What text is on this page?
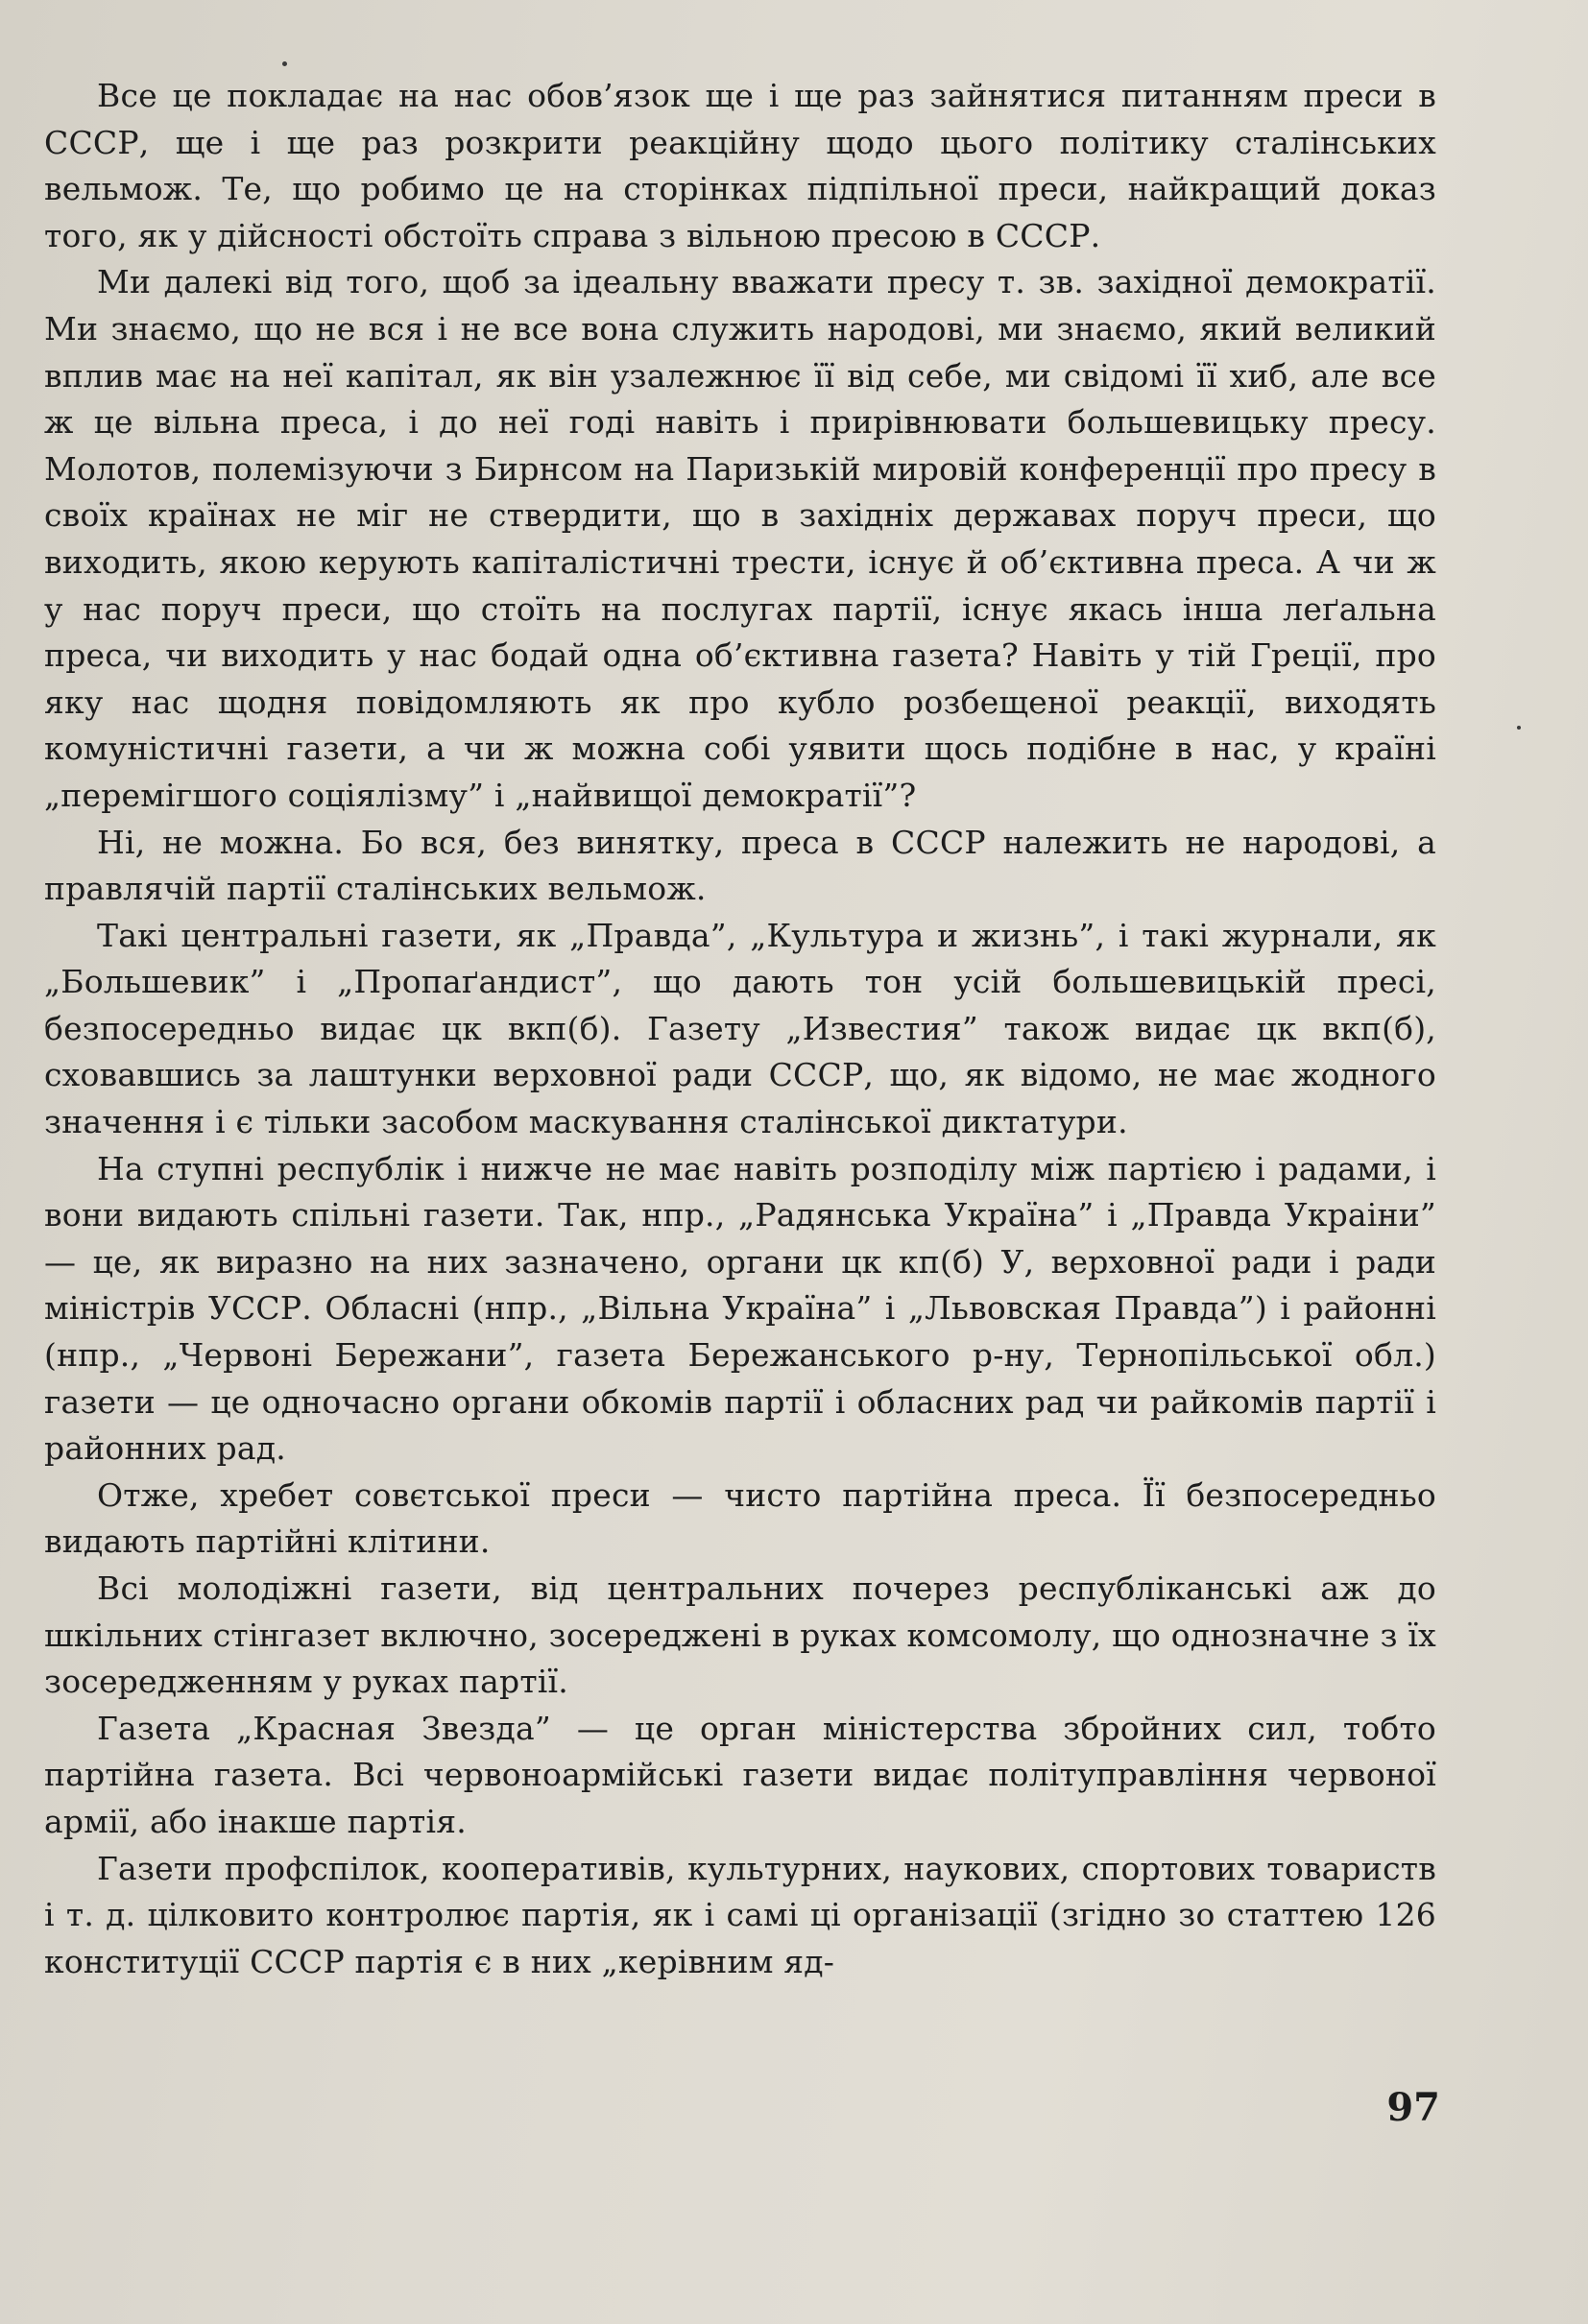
Все це покладає на нас обов’язок ще і ще раз зайнятися питанням преси в СССР, ще і ще раз розкрити реакційну щодо цього політику сталінських вельмож. Те, що робимо це на сторінках підпільної преси, найкращий доказ того, як у дійсності обстоїть справа з вільною пресою в СССР.

Ми далекі від того, щоб за ідеальну вважати пресу т. зв. західної демократії. Ми знаємо, що не вся і не все вона служить народові, ми знаємо, який великий вплив має на неї капітал, як він узалежнює її від себе, ми свідомі її хиб, але все ж це вільна преса, і до неї годі навіть і прирівнювати большевицьку пресу. Молотов, полемізуючи з Бирнсом на Паризькій мировій конференції про пресу в своїх країнах не міг не ствердити, що в західніх державах поруч преси, що виходить, якою керують капіталістичні трести, існує й об’єктивна преса. А чи ж у нас поруч преси, що стоїть на послугах партії, існує якась інша леґальна преса, чи виходить у нас бодай одна об’єктивна газета? Навіть у тій Греції, про яку нас щодня повідомляють як про кубло розбещеної реакції, виходять комуністичні газети, а чи ж можна собі уявити щось подібне в нас, у країні „перемігшого соціялізму” і „найвищої демократії”?

Ні, не можна. Бо вся, без винятку, преса в СССР належить не народові, а правлячій партії сталінських вельмож.

Такі центральні газети, як „Правда”, „Культура и жизнь”, і такі журнали, як „Большевик” і „Пропаґандист”, що дають тон усій большевицькій пресі, безпосередньо видає цк вкп(б). Газету „Известия” також видає цк вкп(б), сховавшись за лаштунки верховної ради СССР, що, як відомо, не має жодного значення і є тільки засобом маскування сталінської диктатури.

На ступні республік і нижче не має навіть розподілу між партією і радами, і вони видають спільні газети. Так, нпр., „Радянська Україна” і „Правда Украіни” — це, як виразно на них зазначено, органи цк кп(б) У, верховної ради і ради міністрів УССР. Обласні (нпр., „Вільна Україна” і „Львовская Правда”) і районні (нпр., „Червоні Бережани”, газета Бережанського р-ну, Тернопільської обл.) газети — це одночасно органи обкомів партії і обласних рад чи райкомів партії і районних рад.

Отже, хребет совєтської преси — чисто партійна преса. Її безпосередньо видають партійні клітини.

Всі молодіжні газети, від центральних почерез республіканські аж до шкільних стінгазет включно, зосереджені в руках комсомолу, що однозначне з їх зосередженням у руках партії.

Газета „Красная Звезда” — це орган міністерства збройних сил, тобто партійна газета. Всі червоноармійські газети видає політуправління червоної армії, або інакше партія.

Газети профспілок, кооперативів, культурних, наукових, спортових товариств і т. д. цілковито контролює партія, як і самі ці організації (згідно зо статтею 126 конституції СССР партія є в них „керівним яд-

97
